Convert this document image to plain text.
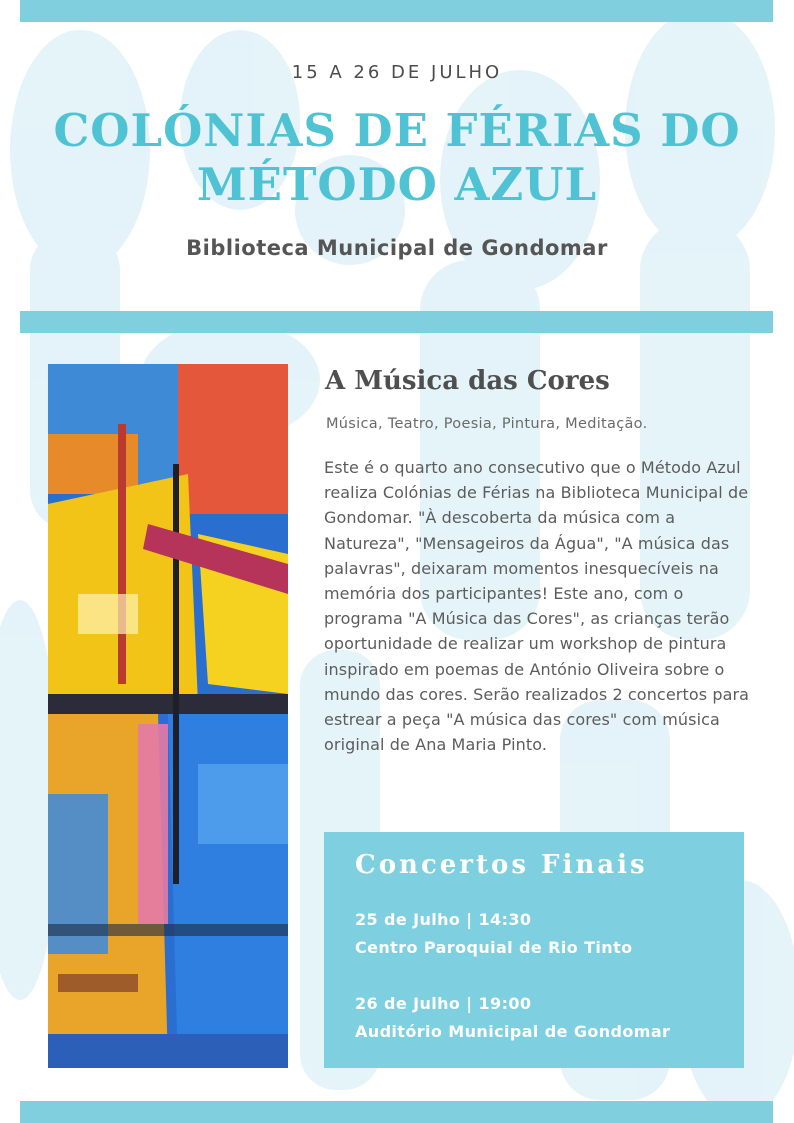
15 A 26 DE JULHO
COLÓNIAS DE FÉRIAS DO
MÉTODO AZUL
Biblioteca Municipal de Gondomar
A Música das Cores
Música, Teatro, Poesia, Pintura, Meditação.

Este é o quarto ano consecutivo que o Método Azul realiza Colónias de Férias na Biblioteca Municipal de Gondomar. "À descoberta da música com a Natureza", "Mensageiros da Água", "A música das palavras", deixaram momentos inesquecíveis na memória dos participantes! Este ano, com o programa "A Música das Cores", as crianças terão oportunidade de realizar um workshop de pintura inspirado em poemas de António Oliveira sobre o mundo das cores. Serão realizados 2 concertos para estrear a peça "A música das cores" com música original de Ana Maria Pinto.

Concertos Finais
25 de Julho | 14:30
Centro Paroquial de Rio Tinto
26 de Julho | 19:00
Auditório Municipal de Gondomar
